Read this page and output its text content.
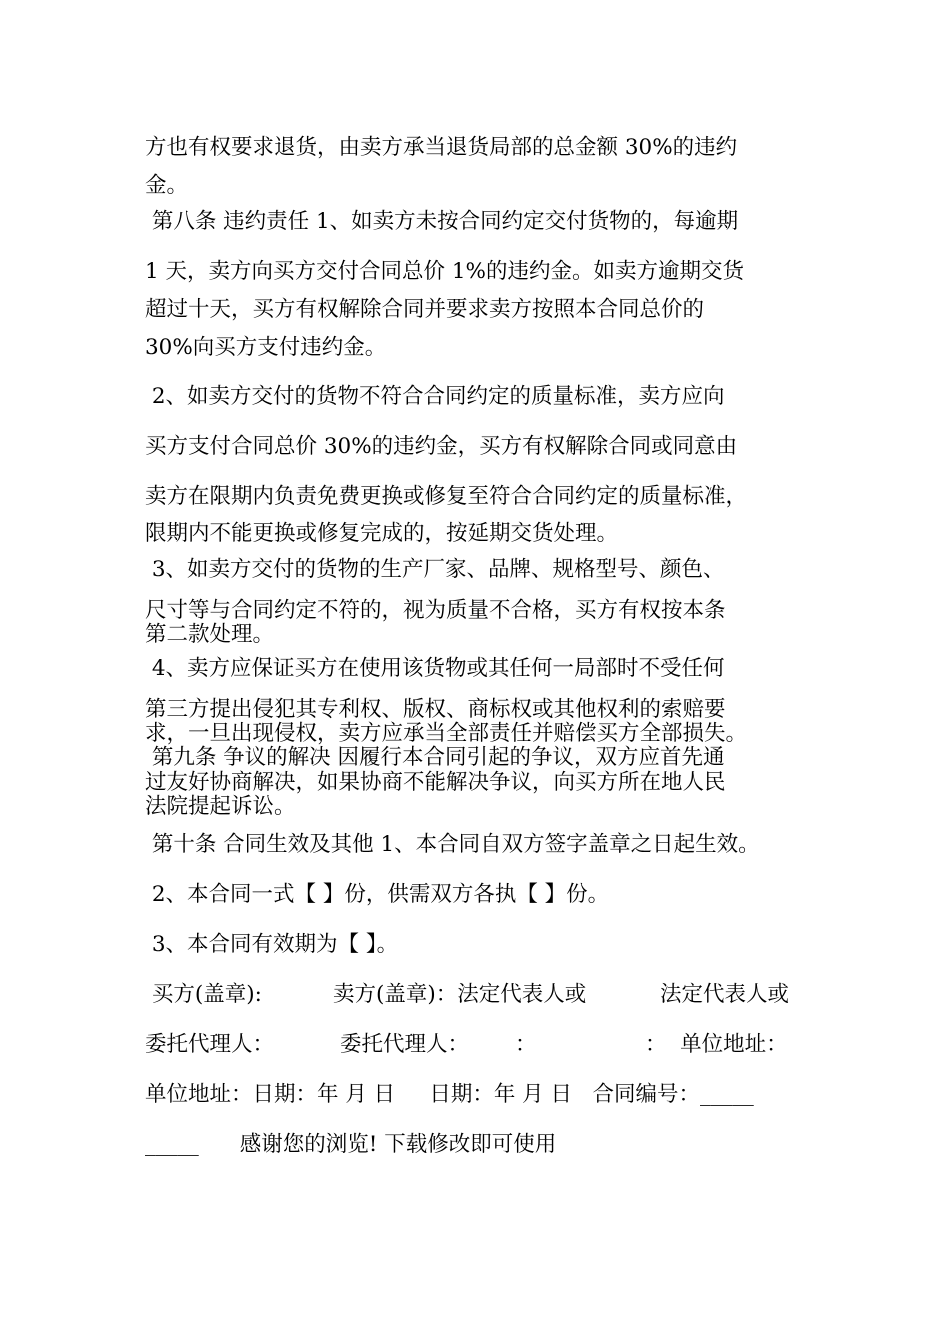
方也有权要求退货，由卖方承当退货局部的总金额 30%的违约

金。

第八条 违约责任 1、如卖方未按合同约定交付货物的，每逾期

1 天，卖方向买方交付合同总价 1%的违约金。如卖方逾期交货

超过十天，买方有权解除合同并要求卖方按照本合同总价的

30%向买方支付违约金。

2、如卖方交付的货物不符合合同约定的质量标准，卖方应向

买方支付合同总价 30%的违约金，买方有权解除合同或同意由

卖方在限期内负责免费更换或修复至符合合同约定的质量标准，

限期内不能更换或修复完成的，按延期交货处理。

3、如卖方交付的货物的生产厂家、品牌、规格型号、颜色、

尺寸等与合同约定不符的，视为质量不合格，买方有权按本条

第二款处理。

4、卖方应保证买方在使用该货物或其任何一局部时不受任何

第三方提出侵犯其专利权、版权、商标权或其他权利的索赔要

求，一旦出现侵权，卖方应承当全部责任并赔偿买方全部损失。

第九条 争议的解决 因履行本合同引起的争议，双方应首先通

过友好协商解决，如果协商不能解决争议，向买方所在地人民

法院提起诉讼。

第十条 合同生效及其他 1、本合同自双方签字盖章之日起生效。

2、本合同一式【 】份，供需双方各执【 】份。

3、本合同有效期为【 】。

买方(盖章):	卖方(盖章)：法定代表人或	法定代表人或

委托代理人：	委托代理人： ：	：  单位地址：

单位地址：日期：年 月 日     日期：年 月 日   合同编号：_____

_____      感谢您的浏览! 下载修改即可使用
